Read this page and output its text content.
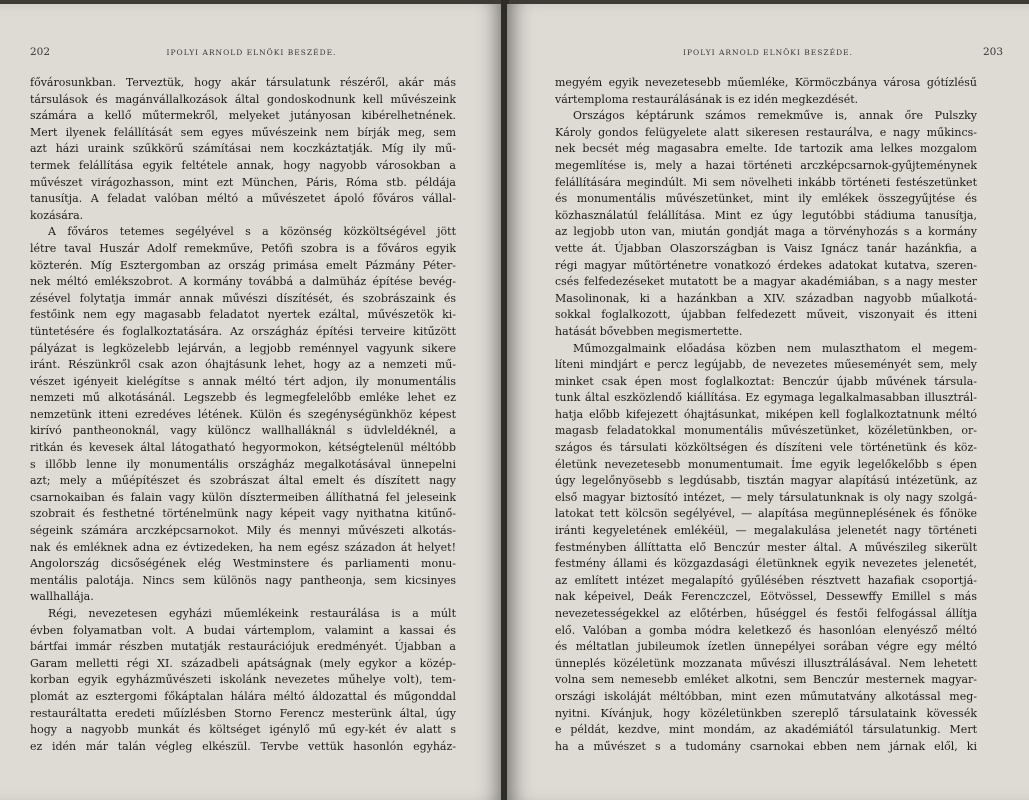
202	IPOLYI ARNOLD ELNÖKI BESZÉDE.
fővárosunkban. Terveztük, hogy akár társulatunk részéről, akár más
társulások és magánvállalkozások által gondoskodnunk kell művészeink
számára a kellő műtermekről, melyeket jutányosan kibérelhetnének.
Mert ilyenek felállítását sem egyes művészeink nem bírják meg, sem
azt házi uraink szűkkörű számításai nem koczkáztatják. Míg ily mű-
termek felállítása egyik feltétele annak, hogy nagyobb városokban a
művészet virágozhasson, mint ezt München, Páris, Róma stb. példája
tanusítja. A feladat valóban méltó a művészetet ápoló főváros vállal-
kozására.
A főváros tetemes segélyével s a közönség közköltségével jött
létre taval Huszár Adolf remekműve, Petőfi szobra is a főváros egyik
közterén. Míg Esztergomban az ország primása emelt Pázmány Péter-
nek méltó emlékszobrot. A kormány továbbá a dalmüház építése bevég-
zésével folytatja immár annak művészi díszítését, és szobrászaink és
festőink nem egy magasabb feladatot nyertek ezáltal, művészetök ki-
tüntetésére és foglalkoztatására. Az országház építési terveire kitűzött
pályázat is legközelebb lejárván, a legjobb reménnyel vagyunk sikere
iránt. Részünkről csak azon óhajtásunk lehet, hogy az a nemzeti mű-
vészet igényeit kielégítse s annak méltó tért adjon, ily monumentális
nemzeti mű alkotásánál. Legszebb és legmegfelelőbb emléke lehet ez
nemzetünk itteni ezredéves létének. Külön és szegénységünkhöz képest
kirívó pantheonoknál, vagy különcz wallhalláknál s üdvleldéknél, a
ritkán és kevesek által látogatható hegyormokon, kétségtelenül méltóbb
s illőbb lenne ily monumentális országház megalkotásával ünnepelni
azt; mely a műépítészet és szobrászat által emelt és díszített nagy
csarnokaiban és falain vagy külön dísztermeiben állíthatná fel jeleseink
szobrait és festhetné történelmünk nagy képeit vagy nyithatna kitűnő-
ségeink számára arczképcsarnokot. Mily és mennyi művészeti alkotás-
nak és emléknek adna ez évtizedeken, ha nem egész századon át helyet!
Angolország dicsőségének elég Westminstere és parliamenti monu-
mentális palotája. Nincs sem különös nagy pantheonja, sem kicsinyes
wallhallája.
Régi, nevezetesen egyházi műemlékeink restaurálása is a múlt
évben folyamatban volt. A budai vártemplom, valamint a kassai és
bártfai immár részben mutatják restaurációjuk eredményét. Újabban a
Garam melletti régi XI. századbeli apátságnak (mely egykor a közép-
korban egyik egyházművészeti iskolánk nevezetes műhelye volt), tem-
plomát az esztergomi főkáptalan hálára méltó áldozattal és műgonddal
restauráltatta eredeti műízlésben Storno Ferencz mesterünk által, úgy
hogy a nagyobb munkát és költséget igénylő mű egy-két év alatt s
ez idén már talán végleg elkészül. Tervbe vettük hasonlón egyház-
IPOLYI ARNOLD ELNÖKI BESZÉDE.	203
megyém egyik nevezetesebb műemléke, Körmöczbánya városa gótízlésű
vártemploma restaurálásának is ez idén megkezdését.
Országos képtárunk számos remekműve is, annak őre Pulszky
Károly gondos felügyelete alatt sikeresen restaurálva, e nagy műkincs-
nek becsét még magasabra emelte. Ide tartozik ama lelkes mozgalom
megemlítése is, mely a hazai történeti arczképcsarnok-gyűjteménynek
felállítására megindúlt. Mi sem növelheti inkább történeti festészetünket
és monumentális művészetünket, mint ily emlékek összegyűjtése és
közhasználatúl felállítása. Mint ez úgy legutóbbi stádiuma tanusítja,
az legjobb uton van, miután gondját maga a törvényhozás s a kormány
vette át. Újabban Olaszországban is Vaisz Ignácz tanár hazánkfia, a
régi magyar műtörténetre vonatkozó érdekes adatokat kutatva, szeren-
csés felfedezéseket mutatott be a magyar akadémiában, s a nagy mester
Masolinonak, ki a hazánkban a XIV. században nagyobb műalkotá-
sokkal foglalkozott, újabban felfedezett műveit, viszonyait és itteni
hatását bővebben megismertette.
Műmozgalmaink előadása közben nem mulaszthatom el megem-
líteni mindjárt e percz legújabb, de nevezetes műeseményét sem, mely
minket csak épen most foglalkoztat: Benczúr újabb művének társula-
tunk által eszközlendő kiállítása. Ez egymaga legalkalmasabban illusztrál-
hatja előbb kifejezett óhajtásunkat, miképen kell foglalkoztatnunk méltó
magasb feladatokkal monumentális művészetünket, közéletünkben, or-
szágos és társulati közköltségen és díszíteni vele történetünk és köz-
életünk nevezetesebb monumentumait. Íme egyik legelőkelőbb s épen
úgy legelőnyösebb s legdúsabb, tisztán magyar alapítású intézetünk, az
első magyar biztosító intézet, — mely társulatunknak is oly nagy szolgá-
latokat tett kölcsön segélyével, — alapítása megünneplésének és főnöke
iránti kegyeletének emlékéül, — megalakulása jelenetét nagy történeti
festményben állíttatta elő Benczúr mester által. A művészileg sikerült
festmény állami és közgazdasági életünknek egyik nevezetes jelenetét,
az említett intézet megalapító gyűlésében résztvett hazafiak csoportjá-
nak képeivel, Deák Ferenczczel, Eötvössel, Dessewffy Emillel s más
nevezetességekkel az előtérben, hűséggel és festői felfogással állítja
elő. Valóban a gomba módra keletkező és hasonlóan elenyésző méltó
és méltatlan jubileumok ízetlen ünnepélyei sorában végre egy méltó
ünneplés közéletünk mozzanata művészi illusztrálásával. Nem lehetett
volna sem nemesebb emléket alkotni, sem Benczúr mesternek magyar-
országi iskoláját méltóbban, mint ezen műmutatvány alkotással meg-
nyitni. Kívánjuk, hogy közéletünkben szereplő társulataink kövessék
e példát, kezdve, mint mondám, az akadémiától társulatunkig. Mert
ha a művészet s a tudomány csarnokai ebben nem járnak elől, ki
